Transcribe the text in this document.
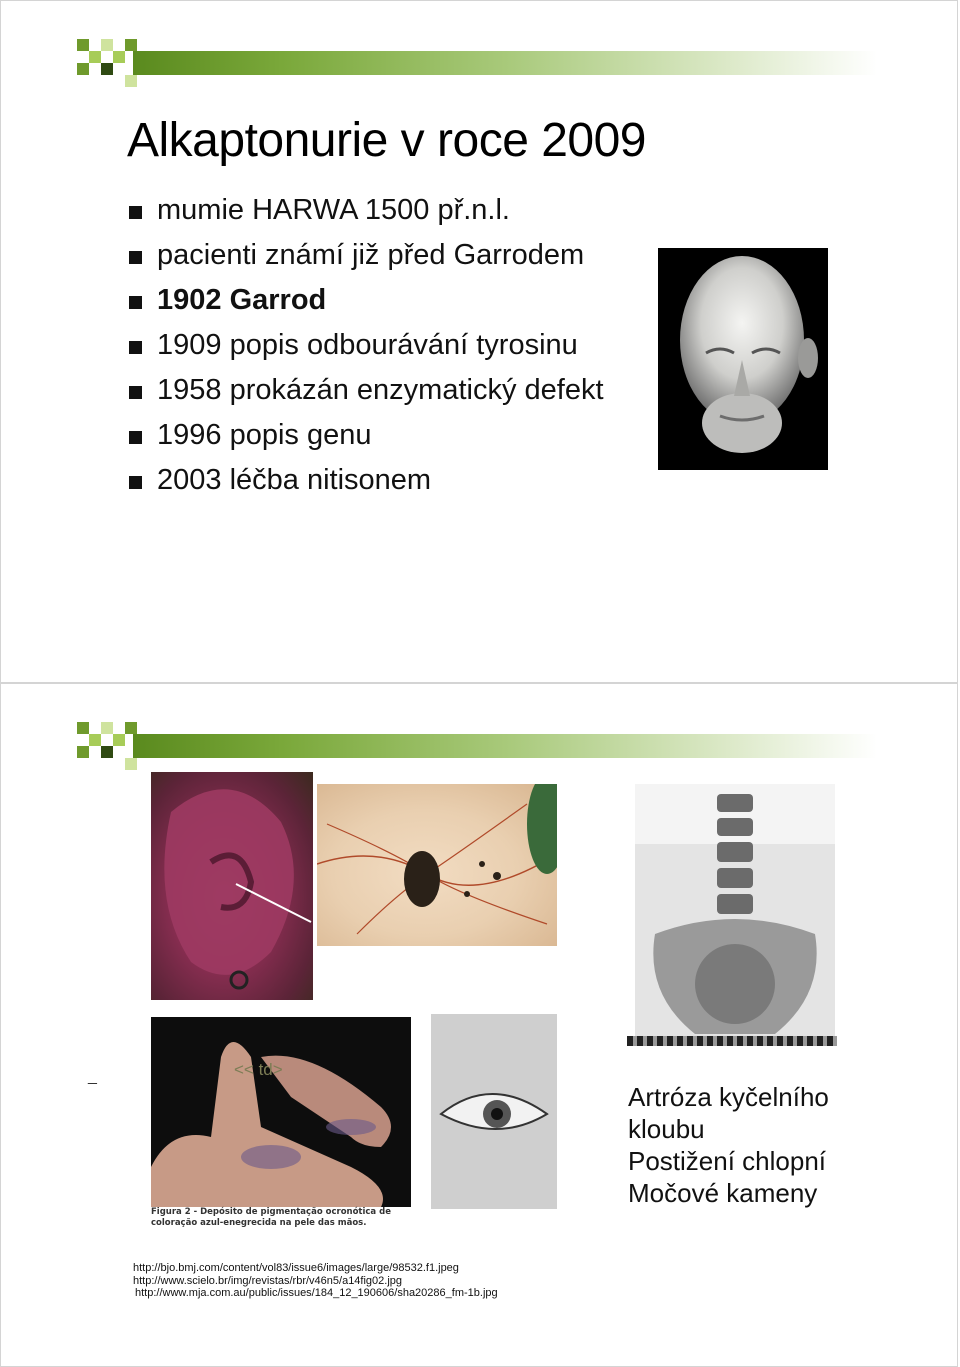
Alkaptonurie v roce 2009
mumie HARWA 1500 př.n.l.
pacienti známí již před Garrodem
1902 Garrod
1909 popis odbourávání tyrosinu
1958 prokázán enzymatický defekt
1996 popis genu
2003 léčba nitisonem
_	<< td>
Figura 2 - Depósito de pigmentação ocronótica de coloração azul-enegrecida na pele das mãos.
Artróza kyčelního
kloubu
Postižení chlopní
Močové kameny
http://bjo.bmj.com/content/vol83/issue6/images/large/98532.f1.jpeg
http://www.scielo.br/img/revistas/rbr/v46n5/a14fig02.jpg
http://www.mja.com.au/public/issues/184_12_190606/sha20286_fm-1b.jpg
